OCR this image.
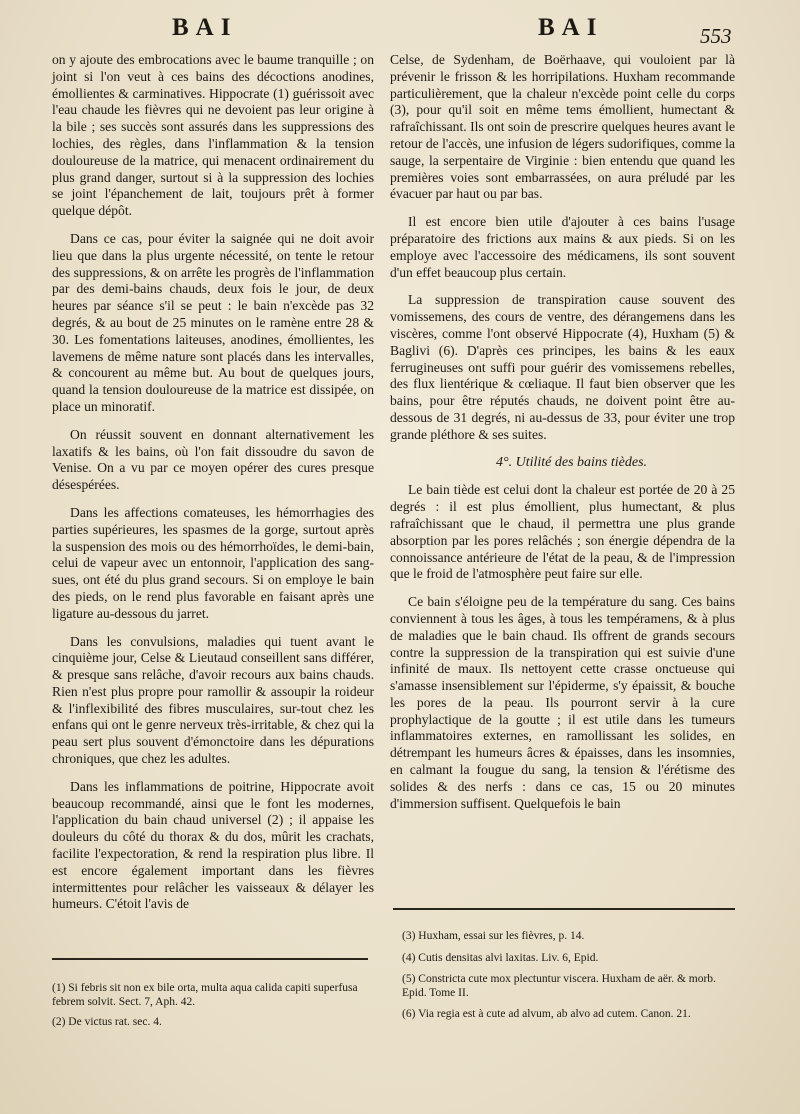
BAI	BAI	553

on y ajoute des embrocations avec le baume tranquille ; on joint si l'on veut à ces bains des décoctions anodines, émollientes & carminatives. Hippocrate (1) guérissoit avec l'eau chaude les fièvres qui ne devoient pas leur origine à la bile ; ses succès sont assurés dans les suppressions des lochies, des règles, dans l'inflammation & la tension douloureuse de la matrice, qui menacent ordinairement du plus grand danger, surtout si à la suppression des lochies se joint l'épanchement de lait, toujours prêt à former quelque dépôt.

Dans ce cas, pour éviter la saignée qui ne doit avoir lieu que dans la plus urgente nécessité, on tente le retour des suppressions, & on arrête les progrès de l'inflammation par des demi-bains chauds, deux fois le jour, de deux heures par séance s'il se peut : le bain n'excède pas 32 degrés, & au bout de 25 minutes on le ramène entre 28 & 30. Les fomentations laiteuses, anodines, émollientes, les lavemens de même nature sont placés dans les intervalles, & concourent au même but. Au bout de quelques jours, quand la tension douloureuse de la matrice est dissipée, on place un minoratif.

On réussit souvent en donnant alternativement les laxatifs & les bains, où l'on fait dissoudre du savon de Venise. On a vu par ce moyen opérer des cures presque désespérées.

Dans les affections comateuses, les hémorrhagies des parties supérieures, les spasmes de la gorge, surtout après la suspension des mois ou des hémorrhoïdes, le demi-bain, celui de vapeur avec un entonnoir, l'application des sang-sues, ont été du plus grand secours. Si on employe le bain des pieds, on le rend plus favorable en faisant après une ligature au-dessous du jarret.

Dans les convulsions, maladies qui tuent avant le cinquième jour, Celse & Lieutaud conseillent sans différer, & presque sans relâche, d'avoir recours aux bains chauds. Rien n'est plus propre pour ramollir & assoupir la roideur & l'inflexibilité des fibres musculaires, sur-tout chez les enfans qui ont le genre nerveux très-irritable, & chez qui la peau sert plus souvent d'émonctoire dans les dépurations chroniques, que chez les adultes.

Dans les inflammations de poitrine, Hippocrate avoit beaucoup recommandé, ainsi que le font les modernes, l'application du bain chaud universel (2) ; il appaise les douleurs du côté du thorax & du dos, mûrit les crachats, facilite l'expectoration, & rend la respiration plus libre. Il est encore également important dans les fièvres intermittentes pour relâcher les vaisseaux & délayer les humeurs. C'étoit l'avis de

Celse, de Sydenham, de Boërhaave, qui vouloient par là prévenir le frisson & les horripilations. Huxham recommande particulièrement, que la chaleur n'excède point celle du corps (3), pour qu'il soit en même tems émollient, humectant & rafraîchissant. Ils ont soin de prescrire quelques heures avant le retour de l'accès, une infusion de légers sudorifiques, comme la sauge, la serpentaire de Virginie : bien entendu que quand les premières voies sont embarrassées, on aura préludé par les évacuer par haut ou par bas.

Il est encore bien utile d'ajouter à ces bains l'usage préparatoire des frictions aux mains & aux pieds. Si on les employe avec l'accessoire des médicamens, ils sont souvent d'un effet beaucoup plus certain.

La suppression de transpiration cause souvent des vomissemens, des cours de ventre, des dérangemens dans les viscères, comme l'ont observé Hippocrate (4), Huxham (5) & Baglivi (6). D'après ces principes, les bains & les eaux ferrugineuses ont suffi pour guérir des vomissemens rebelles, des flux lientérique & cœliaque. Il faut bien observer que les bains, pour être réputés chauds, ne doivent point être au-dessous de 31 degrés, ni au-dessus de 33, pour éviter une trop grande pléthore & ses suites.

4°. Utilité des bains tièdes.

Le bain tiède est celui dont la chaleur est portée de 20 à 25 degrés : il est plus émollient, plus humectant, & plus rafraîchissant que le chaud, il permettra une plus grande absorption par les pores relâchés ; son énergie dépendra de la connoissance antérieure de l'état de la peau, & de l'impression que le froid de l'atmosphère peut faire sur elle.

Ce bain s'éloigne peu de la température du sang. Ces bains conviennent à tous les âges, à tous les tempéramens, & à plus de maladies que le bain chaud. Ils offrent de grands secours contre la suppression de la transpiration qui est suivie d'une infinité de maux. Ils nettoyent cette crasse onctueuse qui s'amasse insensiblement sur l'épiderme, s'y épaissit, & bouche les pores de la peau. Ils pourront servir à la cure prophylactique de la goutte ; il est utile dans les tumeurs inflammatoires externes, en ramollissant les solides, en détrempant les humeurs âcres & épaisses, dans les insomnies, en calmant la fougue du sang, la tension & l'érétisme des solides & des nerfs : dans ce cas, 15 ou 20 minutes d'immersion suffisent. Quelquefois le bain

(1) Si febris sit non ex bile orta, multa aqua calida capiti superfusa febrem solvit. Sect. 7, Aph. 42.
(2) De victus rat. sec. 4.
(3) Huxham, essai sur les fièvres, p. 14.
(4) Cutis densitas alvi laxitas. Liv. 6, Epid.
(5) Constricta cute mox plectuntur viscera. Huxham de aër. & morb. Epid. Tome II.
(6) Via regia est à cute ad alvum, ab alvo ad cutem. Canon. 21.
